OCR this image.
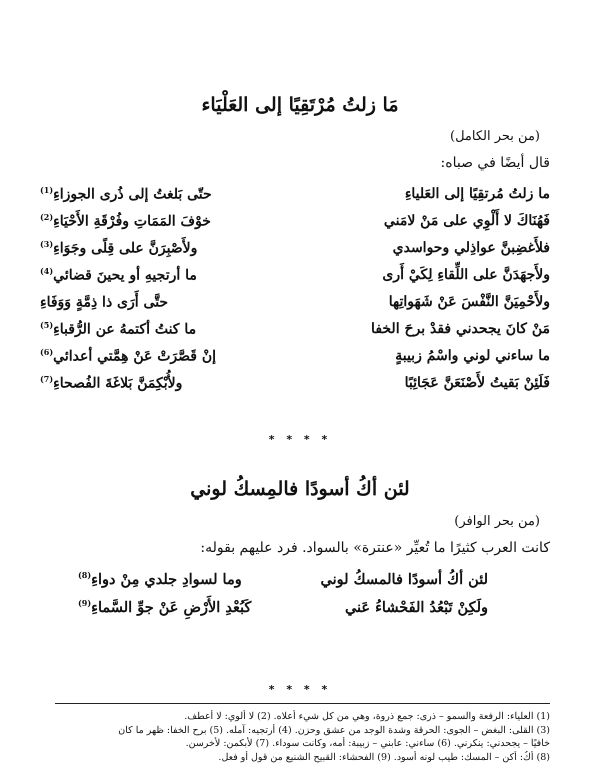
مَا زلتُ مُرْتَقِيًا إلى العَلْيَاء
(من بحر الكامل)
قال أيضًا في صباه:
ما زلتُ مُرتقِيًا إلى العَلياءِ
حتّى بَلغتُ إلى ذُرى الجوزاءِ$^{(1)}$
فَهُنَاكَ لا أَلْوِي على مَنْ لامَني
خوْفَ المَمَاتِ وفُرْقَةِ الأَحْيَاءِ$^{(2)}$
فلأَغضِبنَّ عواذِلي وحواسدي
ولأَصْبِرَنَّ على قِلًى وجَوَاءِ$^{(3)}$
ولأَجهَدَنَّ على اللِّقاءِ لِكَيْ أَرى
ما أرتجيهِ أو يحينَ قضائي$^{(4)}$
ولأَحْمِيَنَّ النَّفْسَ عَنْ شَهَواتِها
حتَّى أَرَى ذا ذِمَّةٍ وَوَفَاءِ
مَنْ كانَ يجحدني فقدْ برحَ الخفا
ما كنتُ أكتمهُ عن الرُّقباءِ$^{(5)}$
ما ساءني لوني واسْمُ زبيبةٍ
إنْ قَصَّرَتْ عَنْ هِمَّتي أعدائي$^{(6)}$
فَلَئِنْ بَقيتُ لأَصْنَعَنَّ عَجَائِبًا
ولأُبْكِمَنَّ بَلاغَةَ الفُصحاءِ$^{(7)}$
* * * *
لئن أكُ أسودًا فالمِسكُ لوني
(من بحر الوافر)
كانت العرب كثيرًا ما تُعيِّر «عنترة» بالسواد. فرد عليهم بقوله:
لئن أكُ أسودًا فالمسكُ لوني
وما لسوادِ جلدي مِنْ دواءِ$^{(8)}$
ولَكِنْ تَبْعُدُ الفَحْشاءُ عَني
كَبُعْدِ الأَرْضِ عَنْ جوِّ السَّماءِ$^{(9)}$
* * * *
(1) العلياء: الرفعة والسمو – ذرى: جمع ذروة، وهي من كل شيء أعلاه. (2) لا ألوي: لا أعطف.
(3) القلى: البغض – الجوى: الحرقة وشدة الوجد من عشق وحزن. (4) أرتجيه: آمله. (5) برح الخفا: ظهر ما كان
خافيًا – يجحدني: ينكرني. (6) ساءني: عابني – زبيبة: أمه، وكانت سوداء. (7) لأبكمن: لأخرسن.
(8) أكُ: أكن – المسك: طيب لونه أسود. (9) الفحشاء: القبيح الشنيع من قول أو فعل.
